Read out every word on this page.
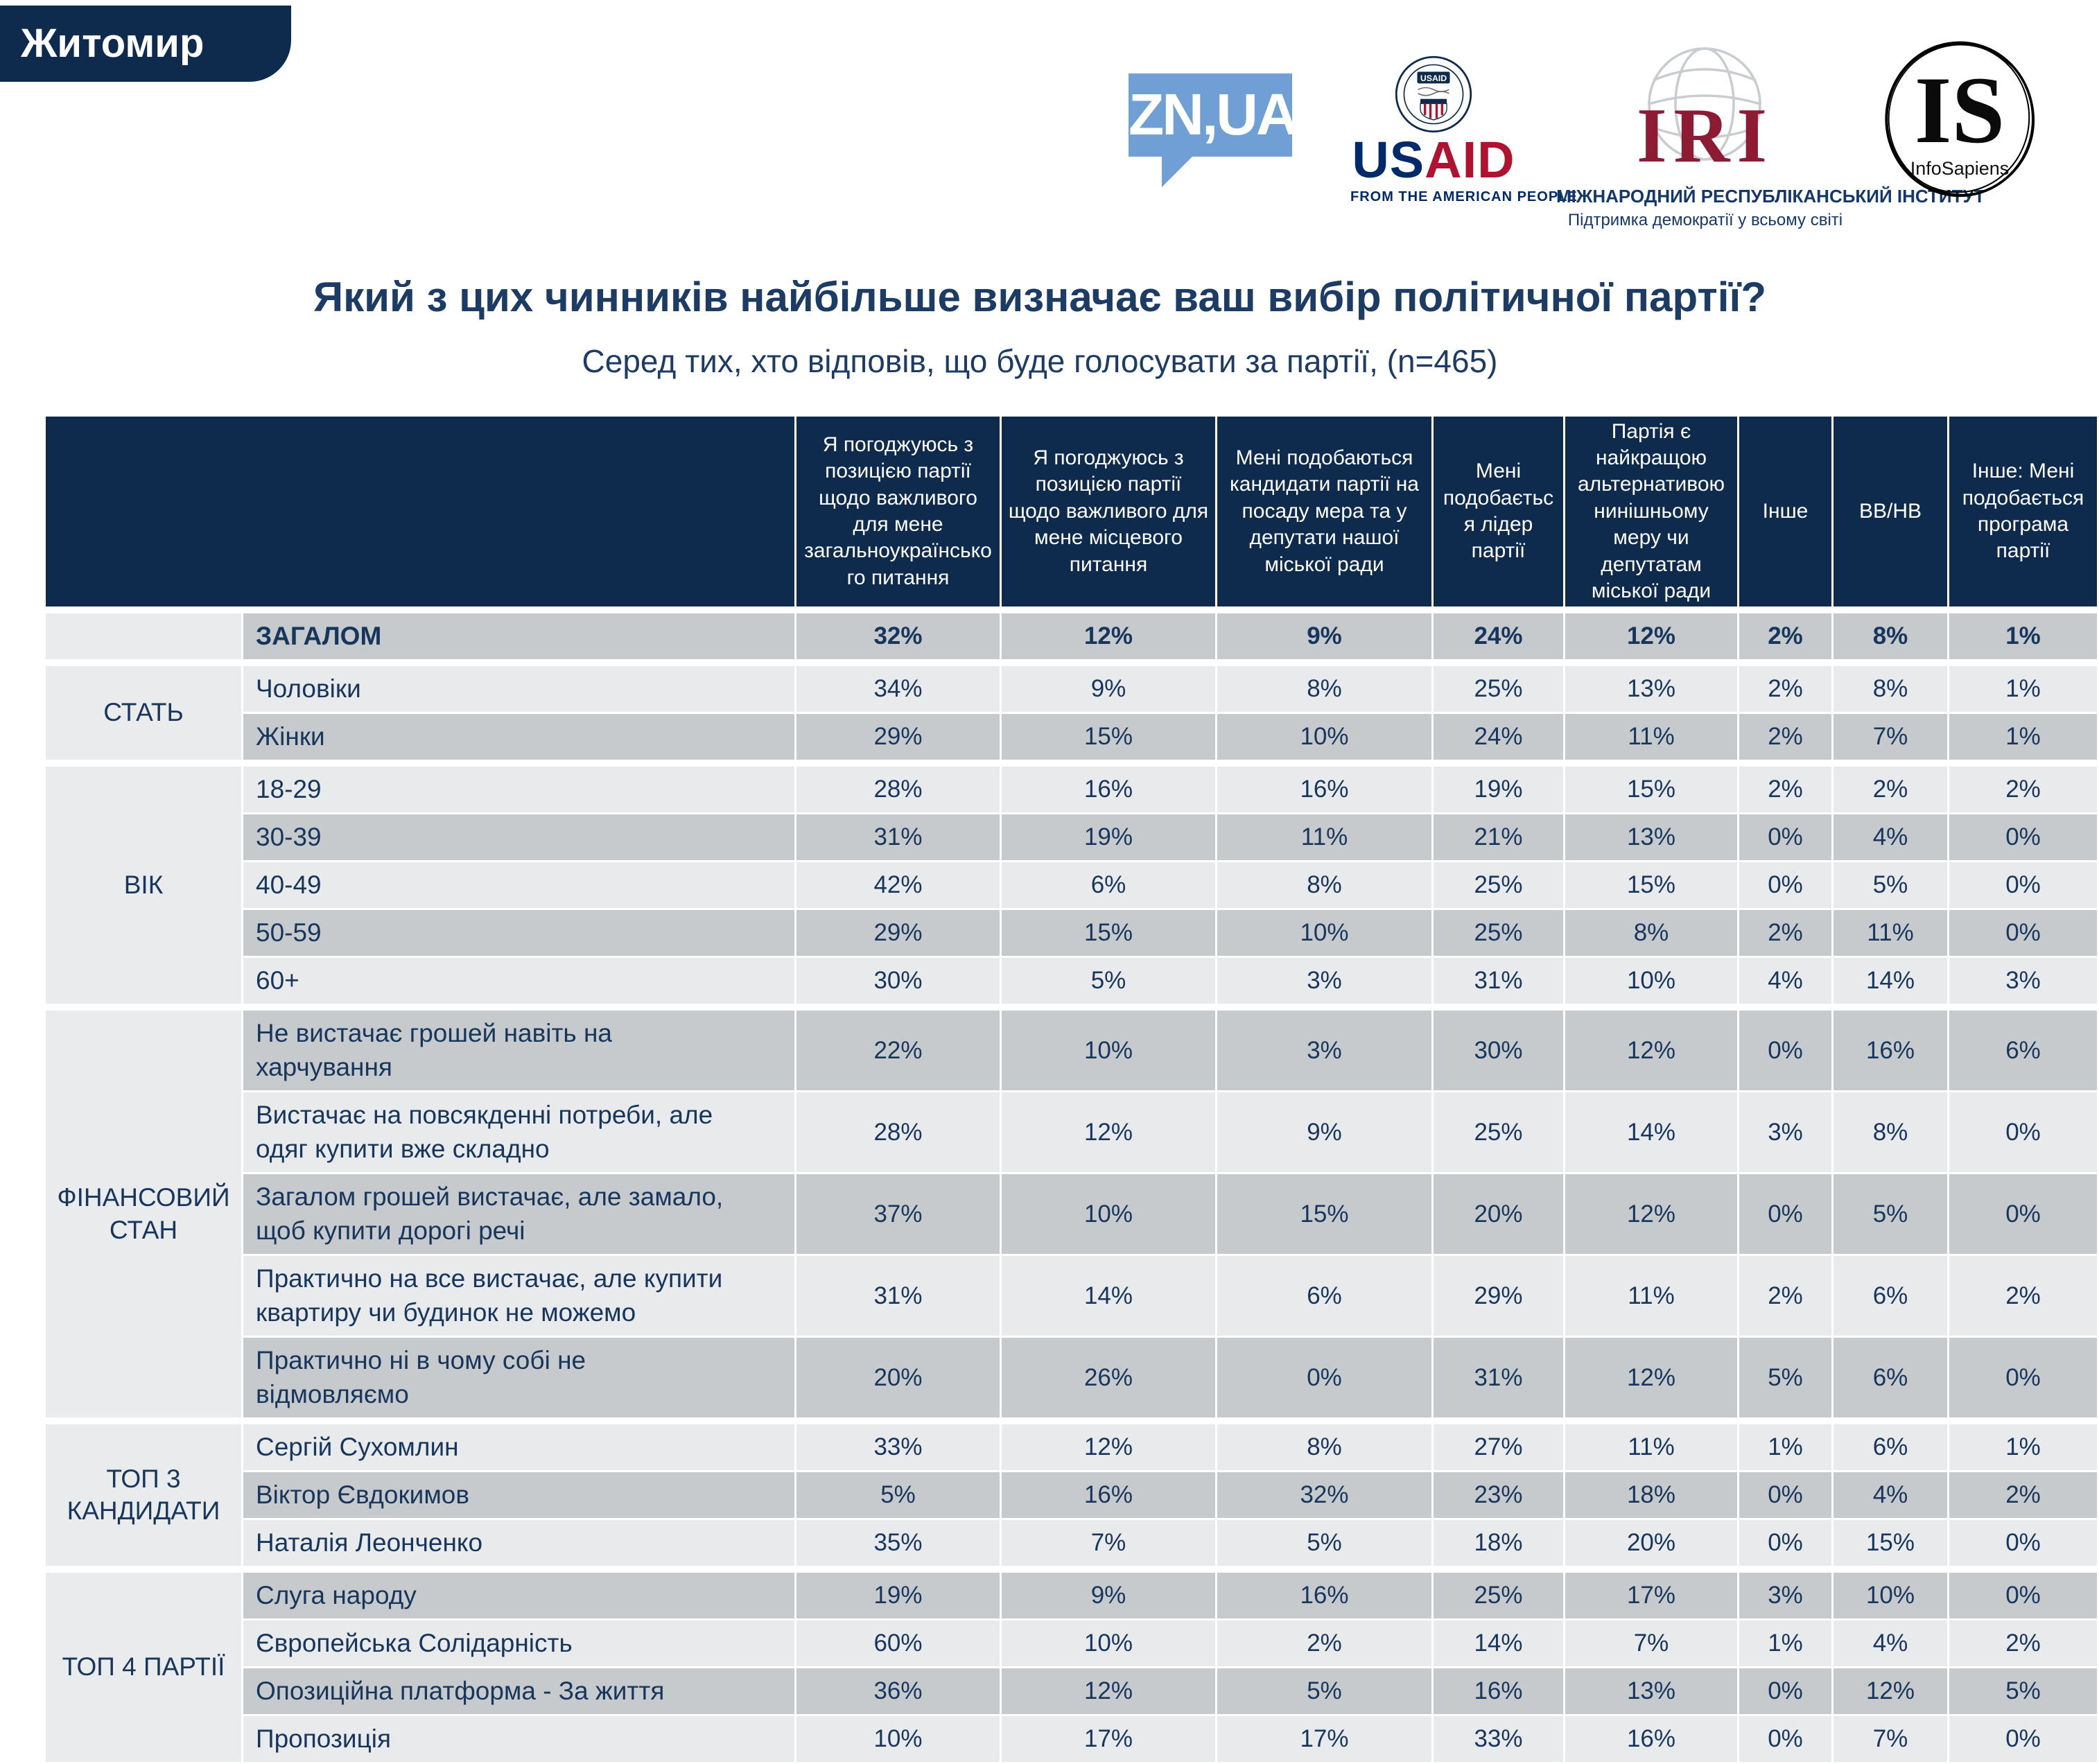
Житомир
ZN,UA
USAID
USAID
FROM THE AMERICAN PEOPLE
IRI
МІЖНАРОДНИЙ РЕСПУБЛІКАНСЬКИЙ ІНСТИТУТ
Підтримка демократії у всьому світі
IS
InfoSapiens
Який з цих чинників найбільше визначає ваш вибір політичної партії?
Серед тих, хто відповів, що буде голосувати за партії, (n=465)
		Я погоджуюсь з позицією партії щодо важливого для мене загальноукраїнського питання	Я погоджуюсь з позицією партії щодо важливого для мене місцевого питання	Мені подобаються кандидати партії на посаду мера та у депутати нашої міської ради	Мені подобається лідер партії	Партія є найкращою альтернативою нинішньому меру чи депутатам міської ради	Інше	ВВ/НВ	Інше: Мені подобається програма партії

	ЗАГАЛОМ	32%	12%	9%	24%	12%	2%	8%	1%

СТАТЬ	Чоловіки	34%	9%	8%	25%	13%	2%	8%	1%
	Жінки	29%	15%	10%	24%	11%	2%	7%	1%

ВІК	18-29	28%	16%	16%	19%	15%	2%	2%	2%
	30-39	31%	19%	11%	21%	13%	0%	4%	0%
	40-49	42%	6%	8%	25%	15%	0%	5%	0%
	50-59	29%	15%	10%	25%	8%	2%	11%	0%
	60+	30%	5%	3%	31%	10%	4%	14%	3%

ФІНАНСОВИЙ СТАН	Не вистачає грошей навіть на харчування	22%	10%	3%	30%	12%	0%	16%	6%
	Вистачає на повсякденні потреби, але одяг купити вже складно	28%	12%	9%	25%	14%	3%	8%	0%
	Загалом грошей вистачає, але замало, щоб купити дорогі речі	37%	10%	15%	20%	12%	0%	5%	0%
	Практично на все вистачає, але купити квартиру чи будинок не можемо	31%	14%	6%	29%	11%	2%	6%	2%
	Практично ні в чому собі не відмовляємо	20%	26%	0%	31%	12%	5%	6%	0%

ТОП 3 КАНДИДАТИ	Сергій Сухомлин	33%	12%	8%	27%	11%	1%	6%	1%
	Віктор Євдокимов	5%	16%	32%	23%	18%	0%	4%	2%
	Наталія Леонченко	35%	7%	5%	18%	20%	0%	15%	0%

ТОП 4 ПАРТІЇ	Слуга народу	19%	9%	16%	25%	17%	3%	10%	0%
	Європейська Солідарність	60%	10%	2%	14%	7%	1%	4%	2%
	Опозиційна платформа - За життя	36%	12%	5%	16%	13%	0%	12%	5%
	Пропозиція	10%	17%	17%	33%	16%	0%	7%	0%
